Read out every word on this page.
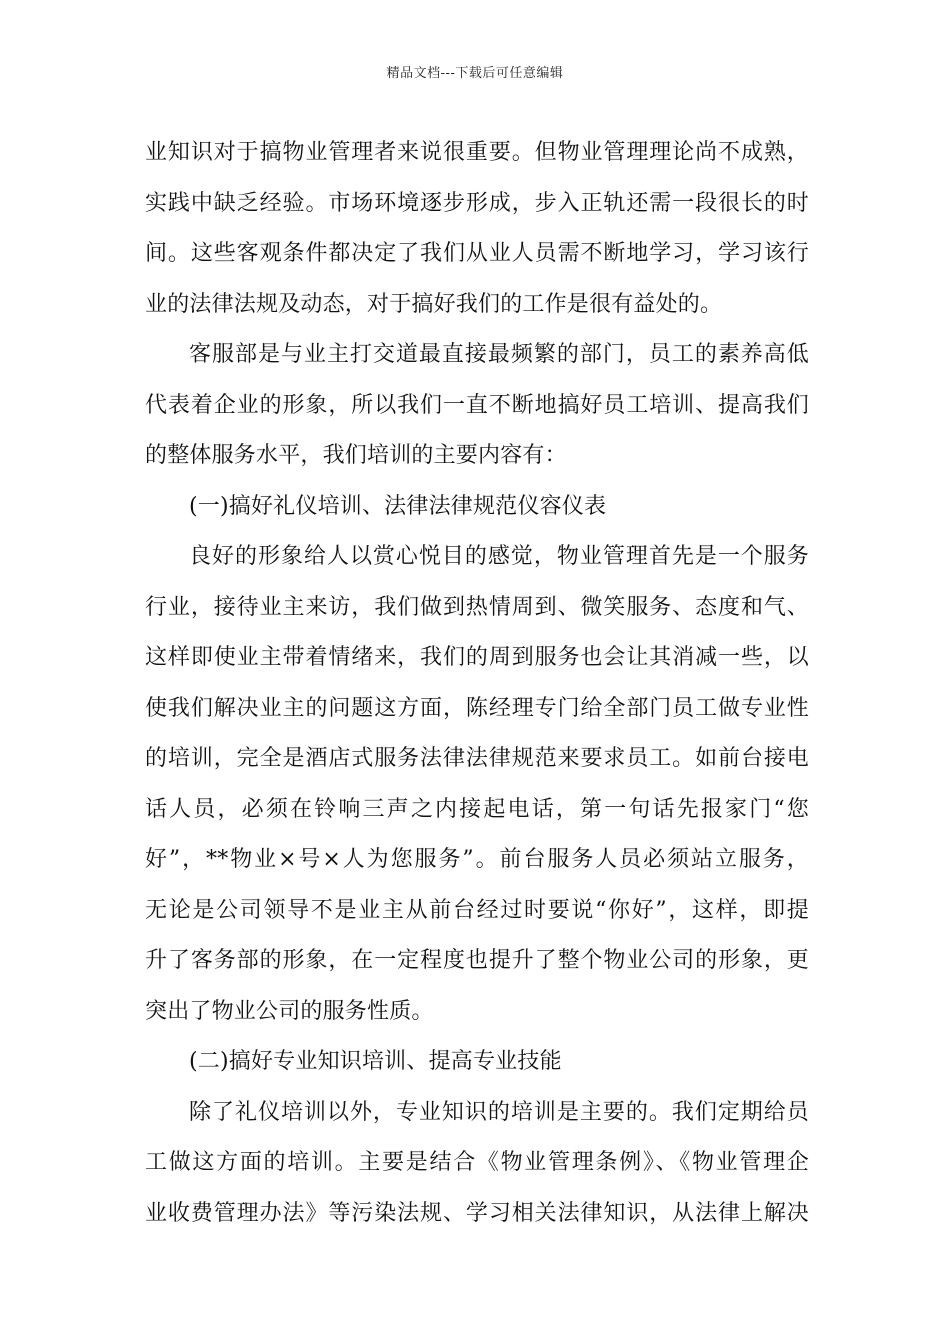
精品文档---下载后可任意编辑
业知识对于搞物业管理者来说很重要。但物业管理理论尚不成熟，
实践中缺乏经验。市场环境逐步形成，步入正轨还需一段很长的时
间。这些客观条件都决定了我们从业人员需不断地学习，学习该行
业的法律法规及动态，对于搞好我们的工作是很有益处的。
客服部是与业主打交道最直接最频繁的部门，员工的素养高低
代表着企业的形象，所以我们一直不断地搞好员工培训、提高我们
的整体服务水平，我们培训的主要内容有：
(一)搞好礼仪培训、法律法律规范仪容仪表
良好的形象给人以赏心悦目的感觉，物业管理首先是一个服务
行业，接待业主来访，我们做到热情周到、微笑服务、态度和气、
这样即使业主带着情绪来，我们的周到服务也会让其消减一些，以
使我们解决业主的问题这方面，陈经理专门给全部门员工做专业性
的培训，完全是酒店式服务法律法律规范来要求员工。如前台接电
话人员，必须在铃响三声之内接起电话，第一句话先报家门“您
好”，**物业×号×人为您服务”。前台服务人员必须站立服务，
无论是公司领导不是业主从前台经过时要说“你好”，这样，即提
升了客务部的形象，在一定程度也提升了整个物业公司的形象，更
突出了物业公司的服务性质。
(二)搞好专业知识培训、提高专业技能
除了礼仪培训以外，专业知识的培训是主要的。我们定期给员
工做这方面的培训。主要是结合《物业管理条例》、《物业管理企
业收费管理办法》等污染法规、学习相关法律知识，从法律上解决
